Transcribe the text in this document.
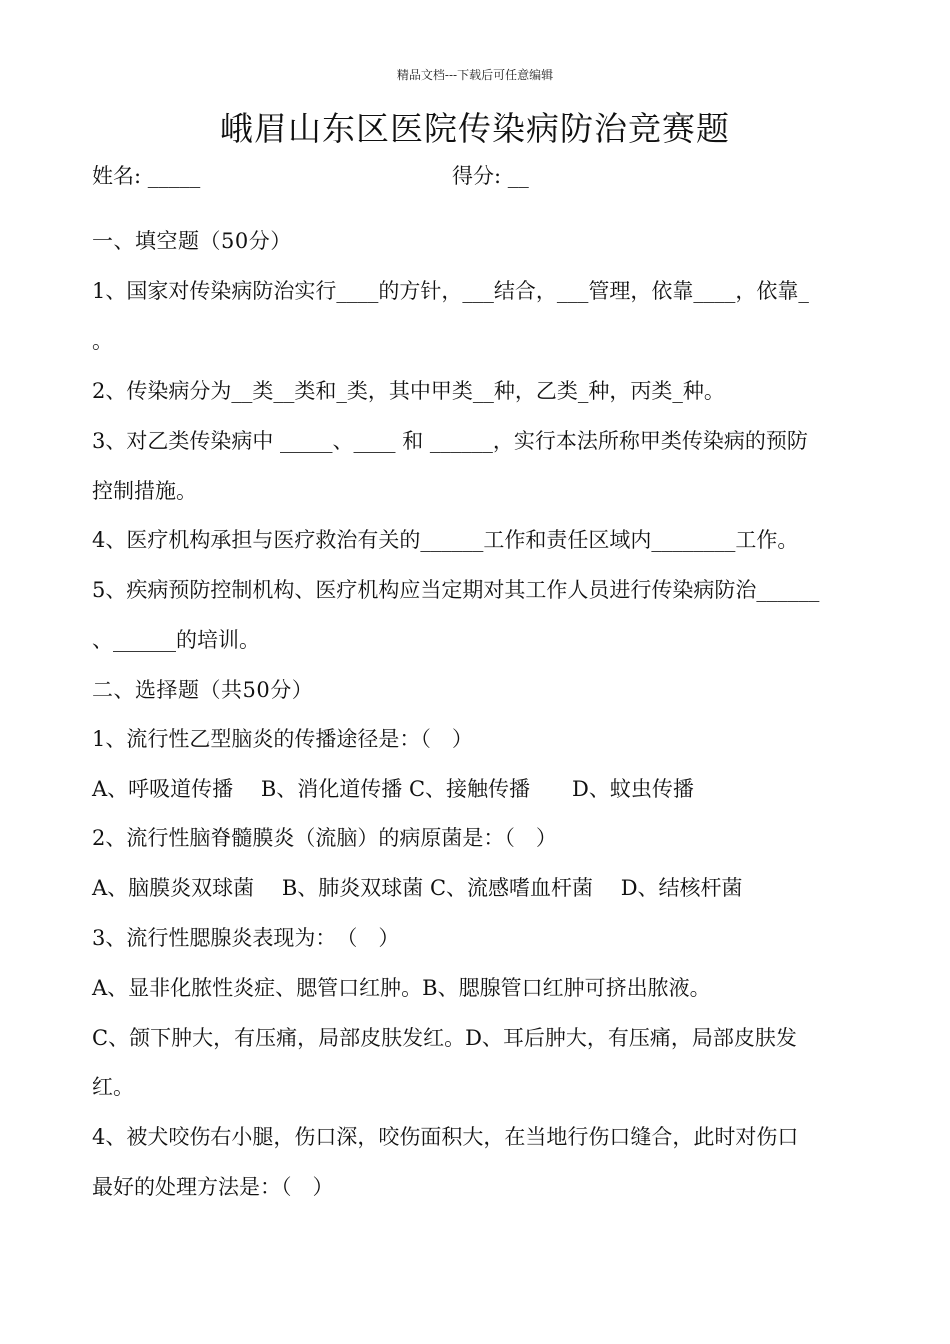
精品文档---下载后可任意编辑
峨眉山东区医院传染病防治竞赛题
姓名: _____	得分: __
一、填空题（50分）
1、国家对传染病防治实行____的方针，___结合，___管理，依靠____，依靠_
。
2、传染病分为__类__类和_类，其中甲类__种，乙类_种，丙类_种。
3、对乙类传染病中 _____、____ 和 ______，实行本法所称甲类传染病的预防
控制措施。
4、医疗机构承担与医疗救治有关的______工作和责任区域内________工作。
5、疾病预防控制机构、医疗机构应当定期对其工作人员进行传染病防治______
、______的培训。
二、选择题（共50分）
1、流行性乙型脑炎的传播途径是：（　）
A、呼吸道传播　 B、消化道传播 C、接触传播　　D、蚊虫传播
2、流行性脑脊髓膜炎（流脑）的病原菌是：（　）
A、脑膜炎双球菌　 B、肺炎双球菌 C、流感嗜血杆菌　 D、结核杆菌
3、流行性腮腺炎表现为：　（　）
A、显非化脓性炎症、腮管口红肿。B、腮腺管口红肿可挤出脓液。
C、颌下肿大，有压痛，局部皮肤发红。D、耳后肿大，有压痛，局部皮肤发
红。
4、被犬咬伤右小腿，伤口深，咬伤面积大，在当地行伤口缝合，此时对伤口
最好的处理方法是：（　）
